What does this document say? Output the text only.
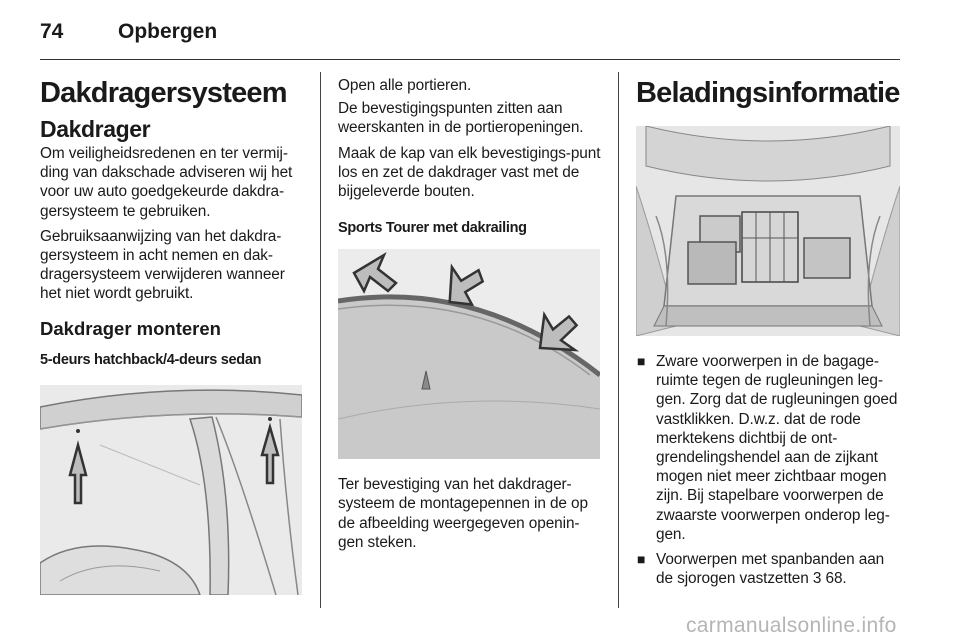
74	Opbergen
Dakdragersysteem
Dakdrager

Om veiligheidsredenen en ter vermij-ding van dakschade adviseren wij het voor uw auto goedgekeurde dakdra-gersysteem te gebruiken.

Gebruiksaanwijzing van het dakdra-gersysteem in acht nemen en dak-dragersysteem verwijderen wanneer het niet wordt gebruikt.

Dakdrager monteren
5-deurs hatchback/4-deurs sedan

Open alle portieren.

De bevestigingspunten zitten aan weerskanten in de portieropeningen.

Maak de kap van elk bevestigings-punt los en zet de dakdrager vast met de bijgeleverde bouten.

Sports Tourer met dakrailing

Ter bevestiging van het dakdrager-systeem de montagepennen in de op de afbeelding weergegeven openin-gen steken.

Beladingsinformatie
■ Zware voorwerpen in de bagage-ruimte tegen de rugleuningen leg-gen. Zorg dat de rugleuningen goed vastklikken. D.w.z. dat de rode merktekens dichtbij de ont-grendelingshendel aan de zijkant mogen niet meer zichtbaar mogen zijn. Bij stapelbare voorwerpen de zwaarste voorwerpen onderop leg-gen.
■ Voorwerpen met spanbanden aan de sjorogen vastzetten 3 68.
carmanualsonline.info
